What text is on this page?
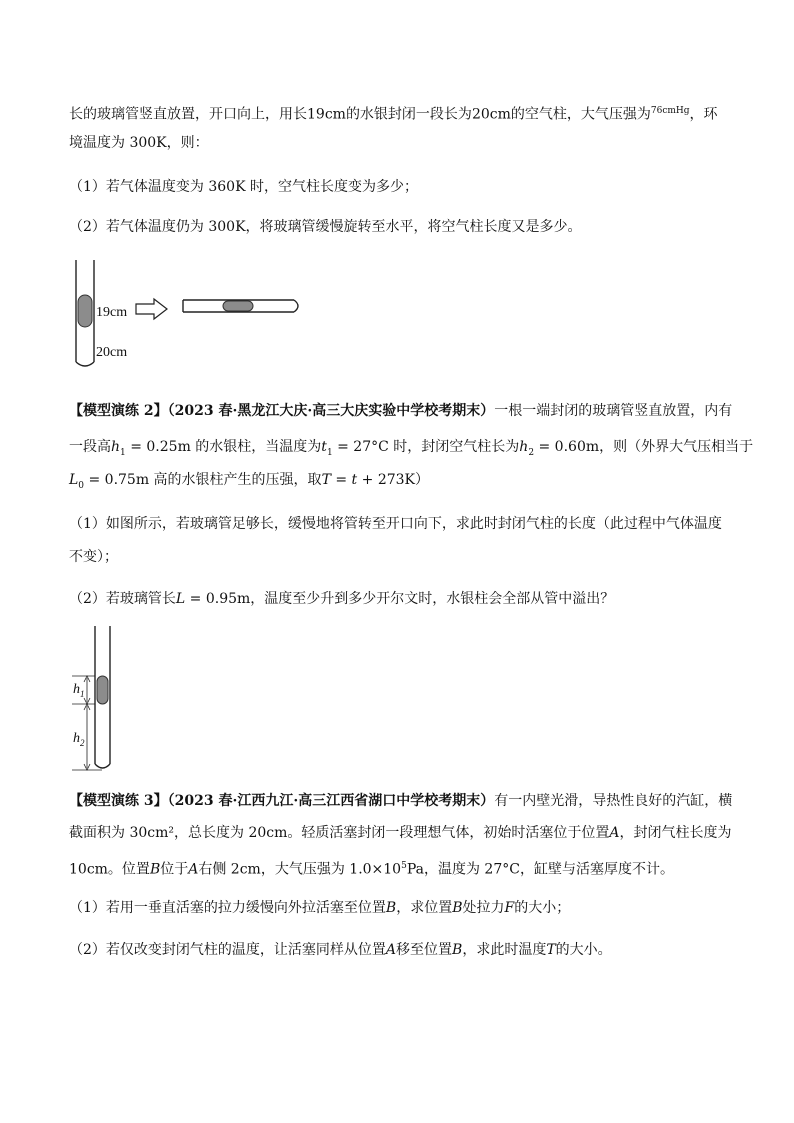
长的玻璃管竖直放置，开口向上，用长19cm的水银封闭一段长为20cm的空气柱，大气压强为$^{76cmHg}$，环
境温度为 300K，则：
（1）若气体温度变为 360K 时，空气柱长度变为多少；
（2）若气体温度仍为 300K，将玻璃管缓慢旋转至水平，将空气柱长度又是多少。
19cm
20cm
【模型演练 2】（2023 春·黑龙江大庆·高三大庆实验中学校考期末）一根一端封闭的玻璃管竖直放置，内有
一段高$h_1 = 0.25m$ 的水银柱，当温度为$t_1 = 27^\circ C$ 时，封闭空气柱长为$h_2 = 0.60m$，则（外界大气压相当于
$L_0 = 0.75m$ 高的水银柱产生的压强，取T = t + 273K）
（1）如图所示，若玻璃管足够长，缓慢地将管转至开口向下，求此时封闭气柱的长度（此过程中气体温度
不变）；
（2）若玻璃管长L = 0.95m，温度至少升到多少开尔文时，水银柱会全部从管中溢出？
$h_1$
$h_2$
【模型演练 3】（2023 春·江西九江·高三江西省湖口中学校考期末）有一内壁光滑，导热性良好的汽缸，横
截面积为 30cm²，总长度为 20cm。轻质活塞封闭一段理想气体，初始时活塞位于位置A，封闭气柱长度为
10cm。位置B位于A右侧 2cm，大气压强为 $1.0\times 10^5Pa$，温度为 27°C，缸壁与活塞厚度不计。
（1）若用一垂直活塞的拉力缓慢向外拉活塞至位置B，求位置B处拉力F的大小；
（2）若仅改变封闭气柱的温度，让活塞同样从位置A移至位置B，求此时温度T的大小。
